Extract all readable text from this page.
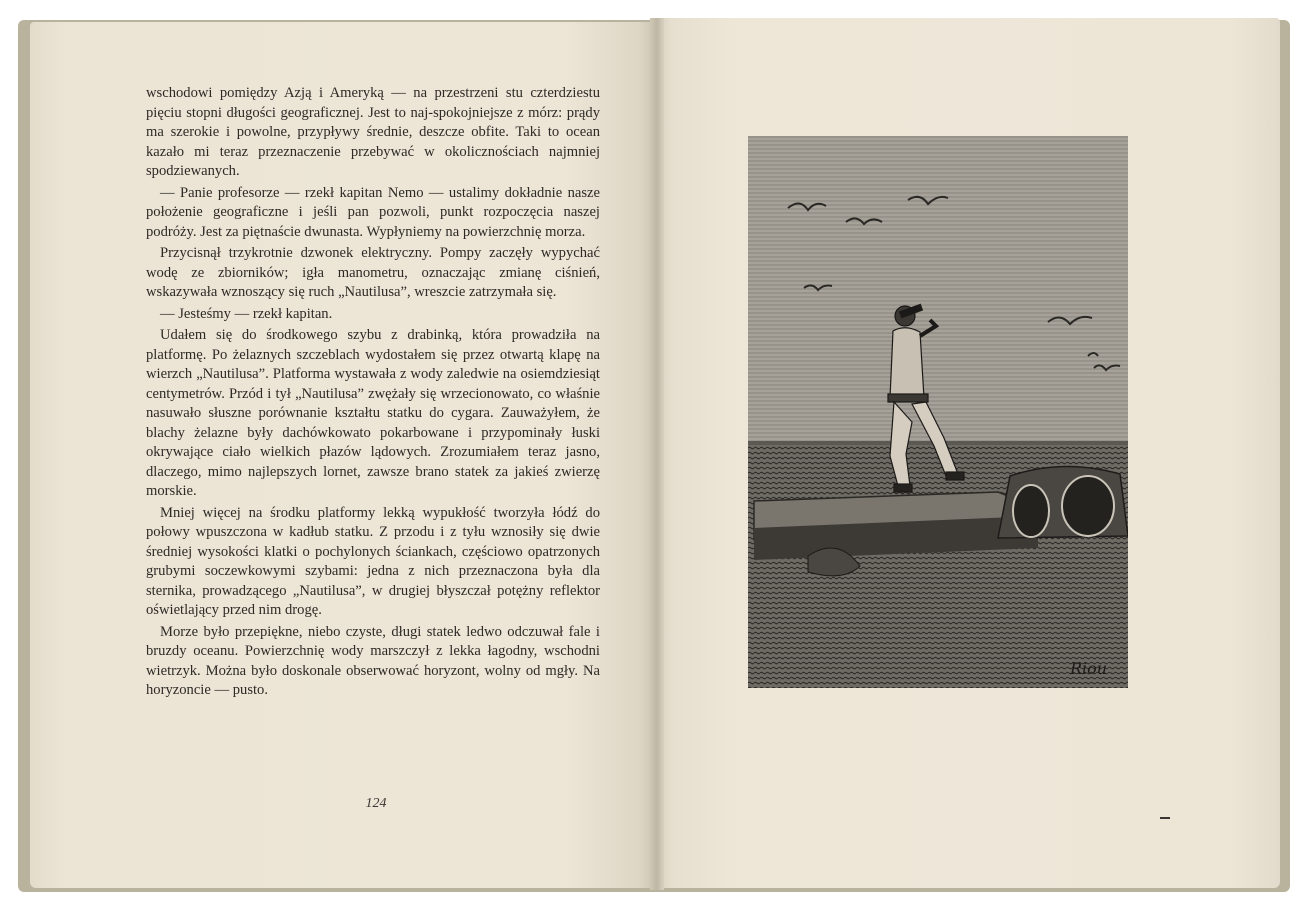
wschodowi pomiędzy Azją i Ameryką — na przestrzeni stu czterdziestu pięciu stopni długości geograficznej. Jest to naj-spokojniejsze z mórz: prądy ma szerokie i powolne, przypływy średnie, deszcze obfite. Taki to ocean kazało mi teraz przeznaczenie przebywać w okolicznościach najmniej spodziewanych.

— Panie profesorze — rzekł kapitan Nemo — ustalimy dokładnie nasze położenie geograficzne i jeśli pan pozwoli, punkt rozpoczęcia naszej podróży. Jest za piętnaście dwunasta. Wypłyniemy na powierzchnię morza.

Przycisnął trzykrotnie dzwonek elektryczny. Pompy zaczęły wypychać wodę ze zbiorników; igła manometru, oznaczając zmianę ciśnień, wskazywała wznoszący się ruch „Nautilusa”, wreszcie zatrzymała się.

— Jesteśmy — rzekł kapitan.

Udałem się do środkowego szybu z drabinką, która prowadziła na platformę. Po żelaznych szczeblach wydostałem się przez otwartą klapę na wierzch „Nautilusa”. Platforma wystawała z wody zaledwie na osiemdziesiąt centymetrów. Przód i tył „Nautilusa” zwężały się wrzecionowato, co właśnie nasuwało słuszne porównanie kształtu statku do cygara. Zauważyłem, że blachy żelazne były dachówkowato pokarbowane i przypominały łuski okrywające ciało wielkich płazów lądowych. Zrozumiałem teraz jasno, dlaczego, mimo najlepszych lornet, zawsze brano statek za jakieś zwierzę morskie.

Mniej więcej na środku platformy lekką wypukłość tworzyła łódź do połowy wpuszczona w kadłub statku. Z przodu i z tyłu wznosiły się dwie średniej wysokości klatki o pochylonych ściankach, częściowo opatrzonych grubymi soczewkowymi szybami: jedna z nich przeznaczona była dla sternika, prowadzącego „Nautilusa”, w drugiej błyszczał potężny reflektor oświetlający przed nim drogę.

Morze było przepiękne, niebo czyste, długi statek ledwo odczuwał fale i bruzdy oceanu. Powierzchnię wody marszczył z lekka łagodny, wschodni wietrzyk. Można było doskonale obserwować horyzont, wolny od mgły. Na horyzoncie — pusto.

124
Riou
